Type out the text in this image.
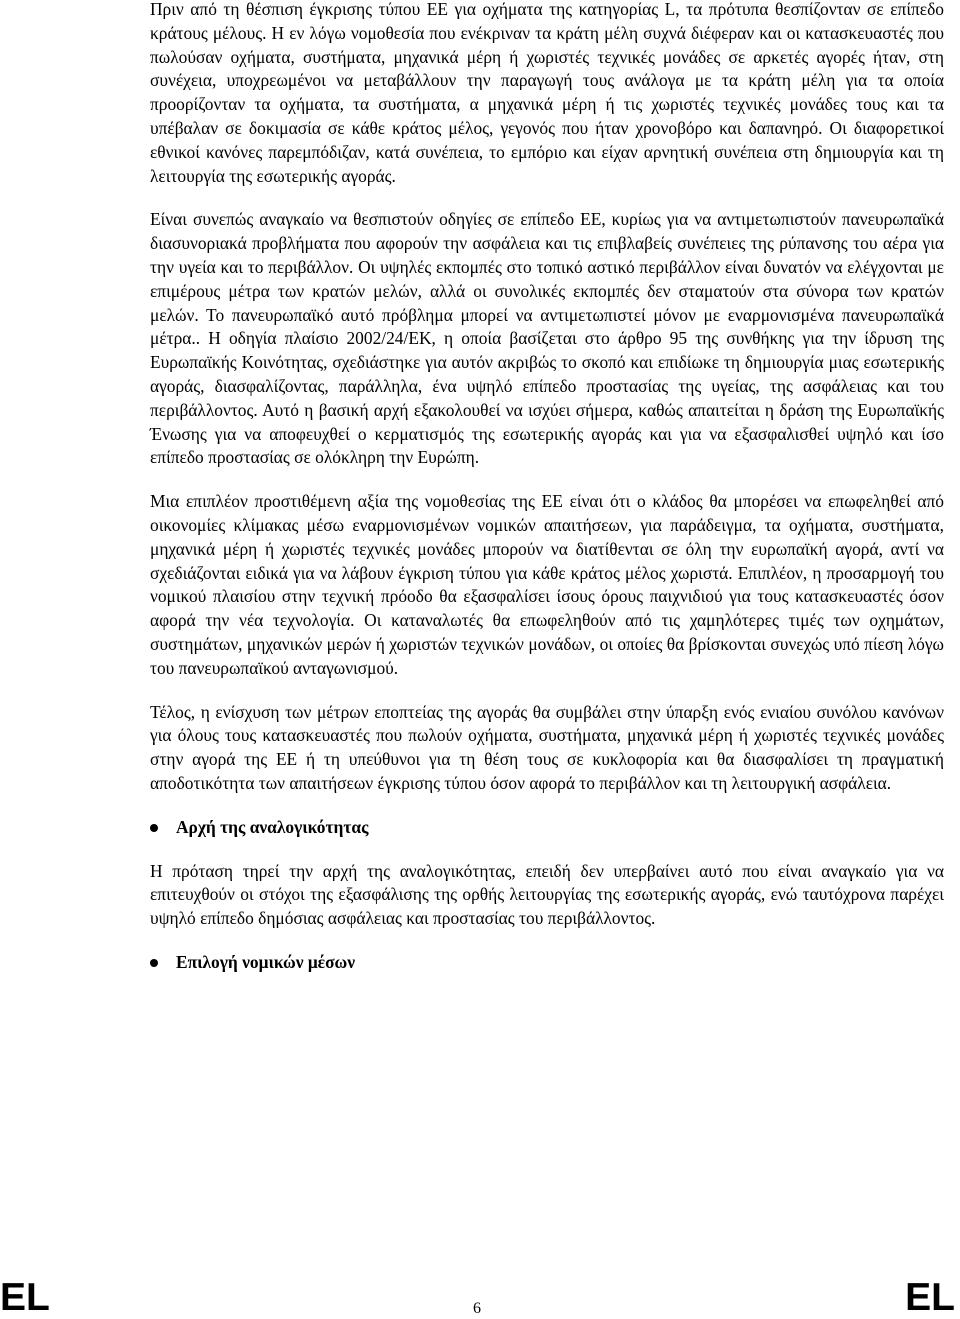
Πριν από τη θέσπιση έγκρισης τύπου ΕΕ για οχήματα της κατηγορίας L, τα πρότυπα θεσπίζονταν σε επίπεδο κράτους μέλους. Η εν λόγω νομοθεσία που ενέκριναν τα κράτη μέλη συχνά διέφεραν και οι κατασκευαστές που πωλούσαν οχήματα, συστήματα, μηχανικά μέρη ή χωριστές τεχνικές μονάδες σε αρκετές αγορές ήταν, στη συνέχεια, υποχρεωμένοι να μεταβάλλουν την παραγωγή τους ανάλογα με τα κράτη μέλη για τα οποία προορίζονταν τα οχήματα, τα συστήματα, α μηχανικά μέρη ή τις χωριστές τεχνικές μονάδες τους και τα υπέβαλαν σε δοκιμασία σε κάθε κράτος μέλος, γεγονός που ήταν χρονοβόρο και δαπανηρό. Οι διαφορετικοί εθνικοί κανόνες παρεμπόδιζαν, κατά συνέπεια, το εμπόριο και είχαν αρνητική συνέπεια στη δημιουργία και τη λειτουργία της εσωτερικής αγοράς.

Είναι συνεπώς αναγκαίο να θεσπιστούν οδηγίες σε επίπεδο ΕΕ, κυρίως για να αντιμετωπιστούν πανευρωπαϊκά διασυνοριακά προβλήματα που αφορούν την ασφάλεια και τις επιβλαβείς συνέπειες της ρύπανσης του αέρα για την υγεία και το περιβάλλον. Οι υψηλές εκπομπές στο τοπικό αστικό περιβάλλον είναι δυνατόν να ελέγχονται με επιμέρους μέτρα των κρατών μελών, αλλά οι συνολικές εκπομπές δεν σταματούν στα σύνορα των κρατών μελών. Το πανευρωπαϊκό αυτό πρόβλημα μπορεί να αντιμετωπιστεί μόνον με εναρμονισμένα πανευρωπαϊκά μέτρα.. Η οδηγία πλαίσιο 2002/24/ΕΚ, η οποία βασίζεται στο άρθρο 95 της συνθήκης για την ίδρυση της Ευρωπαϊκής Κοινότητας, σχεδιάστηκε για αυτόν ακριβώς το σκοπό και επιδίωκε τη δημιουργία μιας εσωτερικής αγοράς, διασφαλίζοντας, παράλληλα, ένα υψηλό επίπεδο προστασίας της υγείας, της ασφάλειας και του περιβάλλοντος. Αυτό η βασική αρχή εξακολουθεί να ισχύει σήμερα, καθώς απαιτείται η δράση της Ευρωπαϊκής Ένωσης για να αποφευχθεί ο κερματισμός της εσωτερικής αγοράς και για να εξασφαλισθεί υψηλό και ίσο επίπεδο προστασίας σε ολόκληρη την Ευρώπη.

Μια επιπλέον προστιθέμενη αξία της νομοθεσίας της ΕΕ είναι ότι ο κλάδος θα μπορέσει να επωφεληθεί από οικονομίες κλίμακας μέσω εναρμονισμένων νομικών απαιτήσεων, για παράδειγμα, τα οχήματα, συστήματα, μηχανικά μέρη ή χωριστές τεχνικές μονάδες μπορούν να διατίθενται σε όλη την ευρωπαϊκή αγορά, αντί να σχεδιάζονται ειδικά για να λάβουν έγκριση τύπου για κάθε κράτος μέλος χωριστά. Επιπλέον, η προσαρμογή του νομικού πλαισίου στην τεχνική πρόοδο θα εξασφαλίσει ίσους όρους παιχνιδιού για τους κατασκευαστές όσον αφορά την νέα τεχνολογία. Οι καταναλωτές θα επωφεληθούν από τις χαμηλότερες τιμές των οχημάτων, συστημάτων, μηχανικών μερών ή χωριστών τεχνικών μονάδων, οι οποίες θα βρίσκονται συνεχώς υπό πίεση λόγω του πανευρωπαϊκού ανταγωνισμού.

Τέλος, η ενίσχυση των μέτρων εποπτείας της αγοράς θα συμβάλει στην ύπαρξη ενός ενιαίου συνόλου κανόνων για όλους τους κατασκευαστές που πωλούν οχήματα, συστήματα, μηχανικά μέρη ή χωριστές τεχνικές μονάδες στην αγορά της ΕΕ ή τη υπεύθυνοι για τη θέση τους σε κυκλοφορία και θα διασφαλίσει τη πραγματική αποδοτικότητα των απαιτήσεων έγκρισης τύπου όσον αφορά το περιβάλλον και τη λειτουργική ασφάλεια.

Αρχή της αναλογικότητας

Η πρόταση τηρεί την αρχή της αναλογικότητας, επειδή δεν υπερβαίνει αυτό που είναι αναγκαίο για να επιτευχθούν οι στόχοι της εξασφάλισης της ορθής λειτουργίας της εσωτερικής αγοράς, ενώ ταυτόχρονα παρέχει υψηλό επίπεδο δημόσιας ασφάλειας και προστασίας του περιβάλλοντος.

Επιλογή νομικών μέσων
EL	6	EL
